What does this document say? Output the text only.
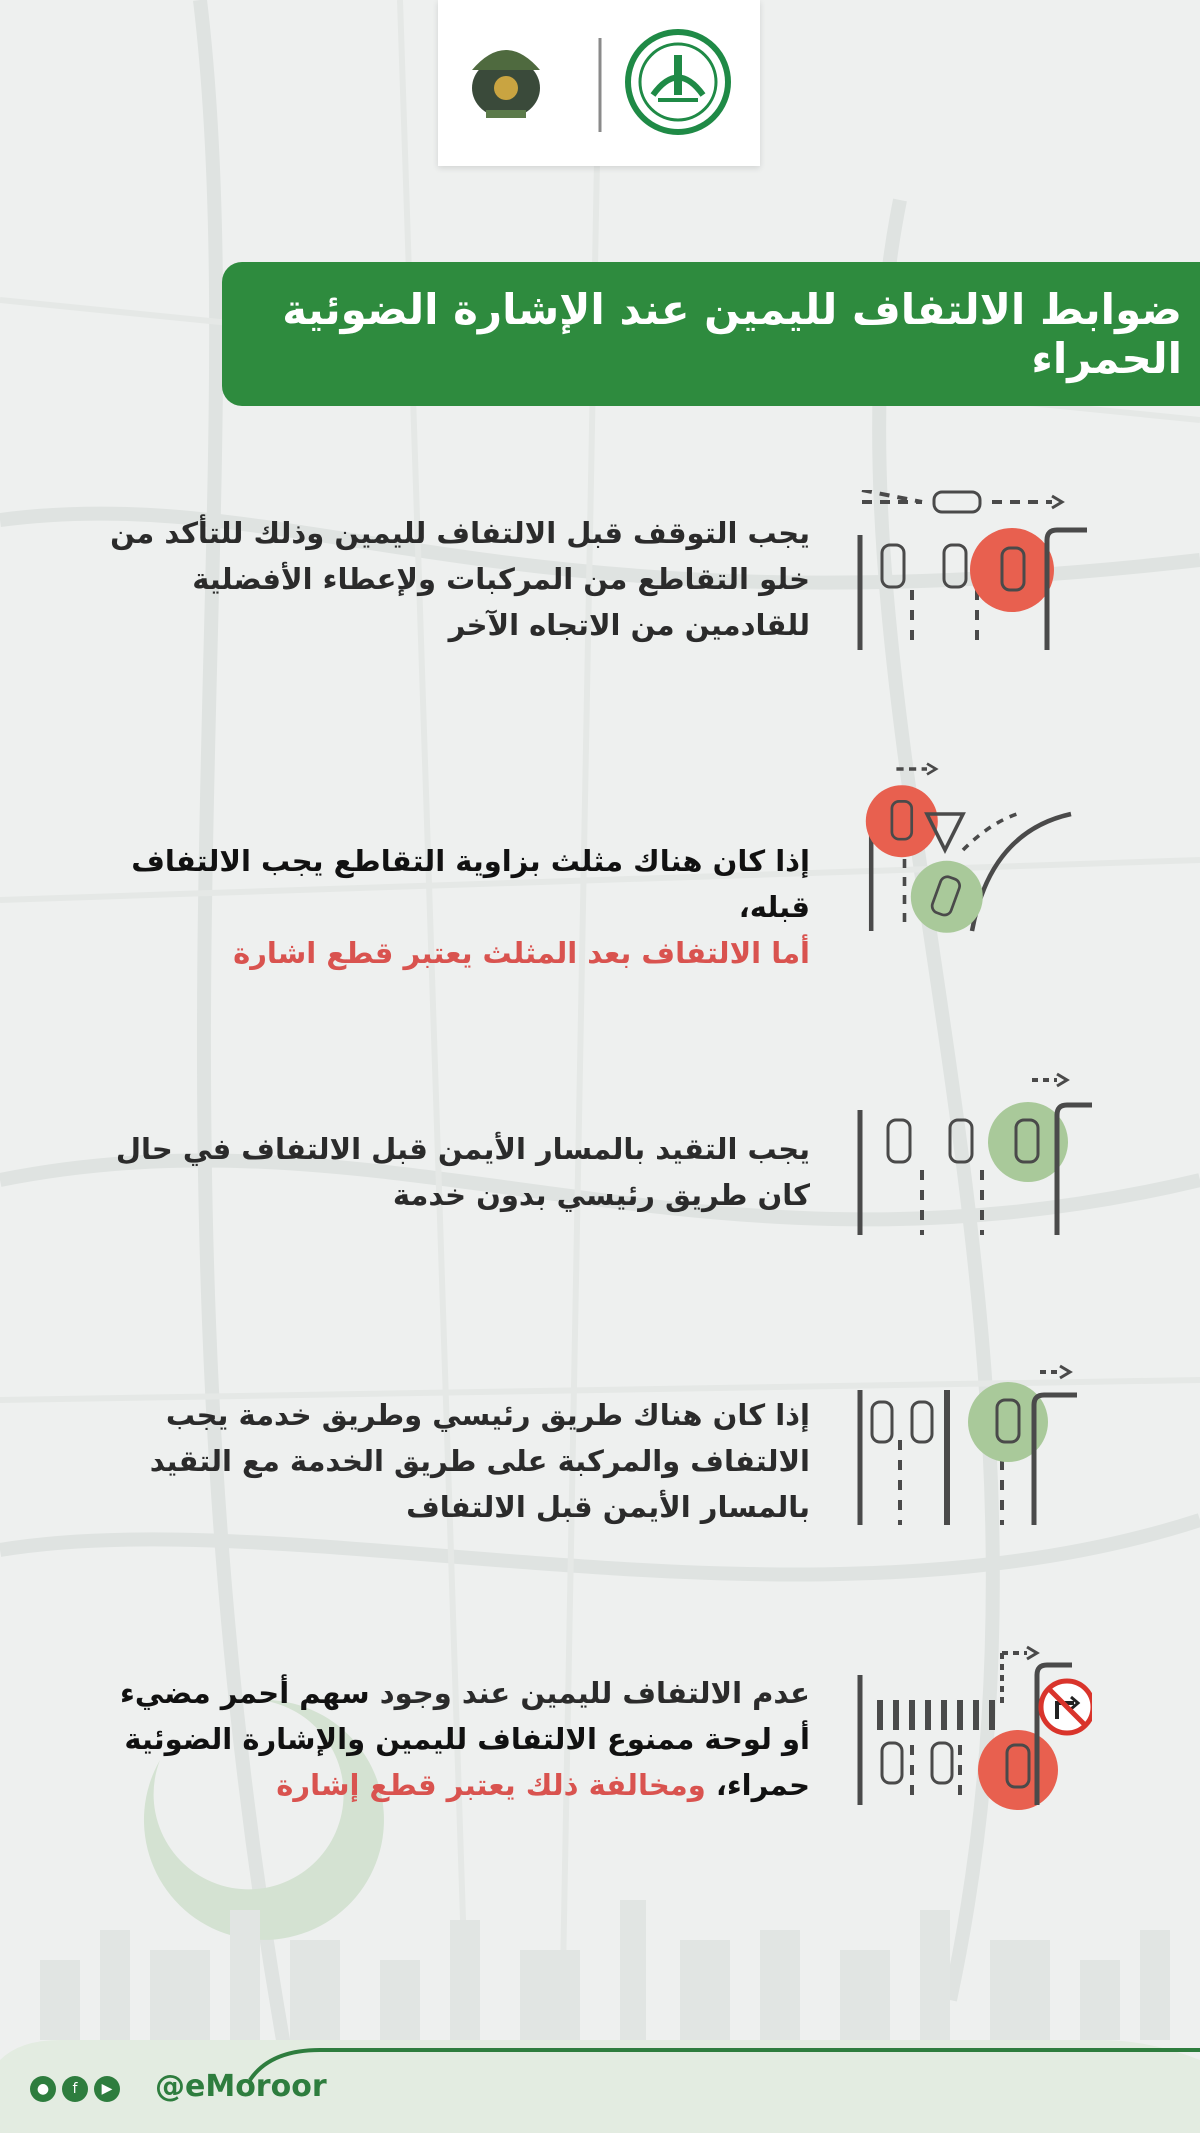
ضوابط الالتفاف لليمين عند الإشارة الضوئية الحمراء
يجب التوقف قبل الالتفاف لليمين وذلك للتأكد من خلو التقاطع من المركبات ولإعطاء الأفضلية للقادمين من الاتجاه الآخر
إذا كان هناك مثلث بزاوية التقاطع يجب الالتفاف قبله،
أما الالتفاف بعد المثلث يعتبر قطع اشارة
يجب التقيد بالمسار الأيمن قبل الالتفاف في حال كان طريق رئيسي بدون خدمة
إذا كان هناك طريق رئيسي وطريق خدمة يجب الالتفاف والمركبة على طريق الخدمة مع التقيد بالمسار الأيمن قبل الالتفاف
عدم الالتفاف لليمين عند وجود سهم أحمر مضيء أو لوحة ممنوع الالتفاف لليمين والإشارة الضوئية حمراء، ومخالفة ذلك يعتبر قطع إشارة
●	f	▶ @eMoroor
